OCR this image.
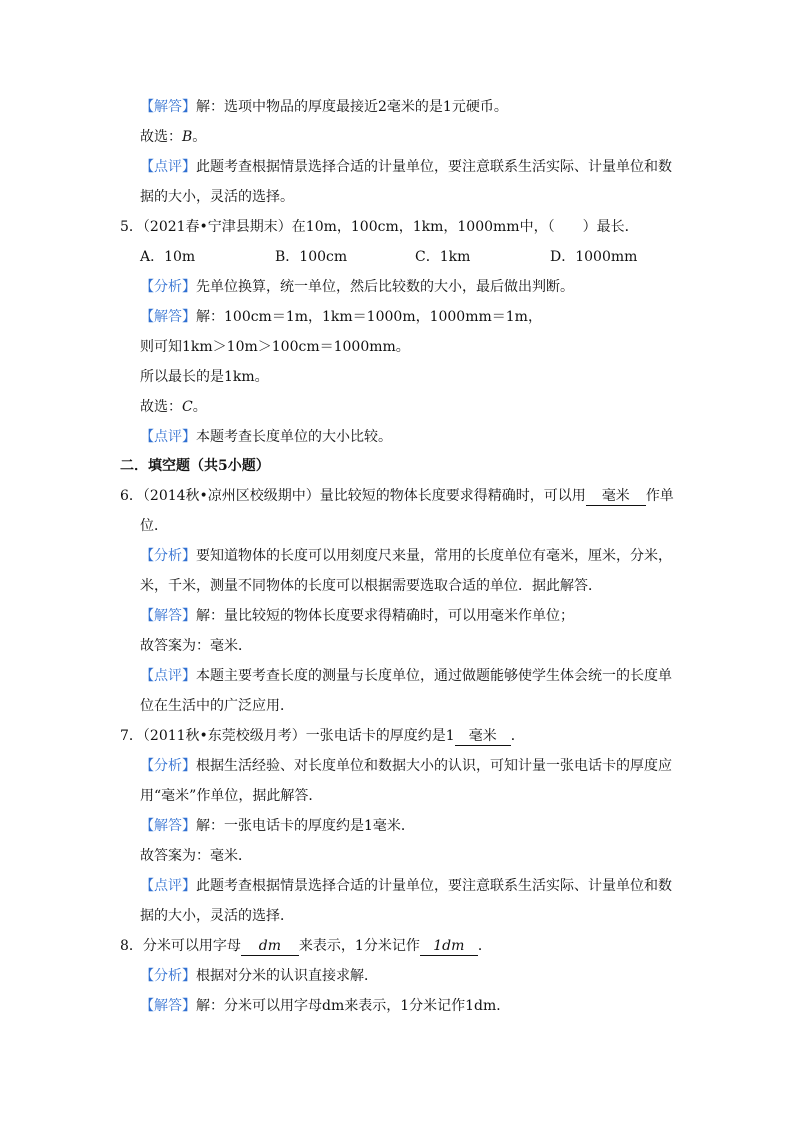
【解答】解：选项中物品的厚度最接近2毫米的是1元硬币。
故选：B。
【点评】此题考查根据情景选择合适的计量单位，要注意联系生活实际、计量单位和数
据的大小，灵活的选择。
5．（2021春•宁津县期末）在10m，100cm，1km，1000mm中，（　　）最长．
A．10m	B．100cm	C．1km	D．1000mm
【分析】先单位换算，统一单位，然后比较数的大小，最后做出判断。
【解答】解：100cm＝1m，1km＝1000m，1000mm＝1m，
则可知1km＞10m＞100cm＝1000mm。
所以最长的是1km。
故选：C。
【点评】本题考查长度单位的大小比较。
二．填空题（共5小题）
6．（2014秋•凉州区校级期中）量比较短的物体长度要求得精确时，可以用 毫米 作单
位．
【分析】要知道物体的长度可以用刻度尺来量，常用的长度单位有毫米，厘米，分米，
米，千米，测量不同物体的长度可以根据需要选取合适的单位．据此解答．
【解答】解：量比较短的物体长度要求得精确时，可以用毫米作单位；
故答案为：毫米．
【点评】本题主要考查长度的测量与长度单位，通过做题能够使学生体会统一的长度单
位在生活中的广泛应用．
7．（2011秋•东莞校级月考）一张电话卡的厚度约是1 毫米 ．
【分析】根据生活经验、对长度单位和数据大小的认识，可知计量一张电话卡的厚度应
用“毫米”作单位，据此解答．
【解答】解：一张电话卡的厚度约是1毫米．
故答案为：毫米．
【点评】此题考查根据情景选择合适的计量单位，要注意联系生活实际、计量单位和数
据的大小，灵活的选择．
8．分米可以用字母 dm 来表示，1分米记作 1dm ．
【分析】根据对分米的认识直接求解．
【解答】解：分米可以用字母dm来表示，1分米记作1dm．
